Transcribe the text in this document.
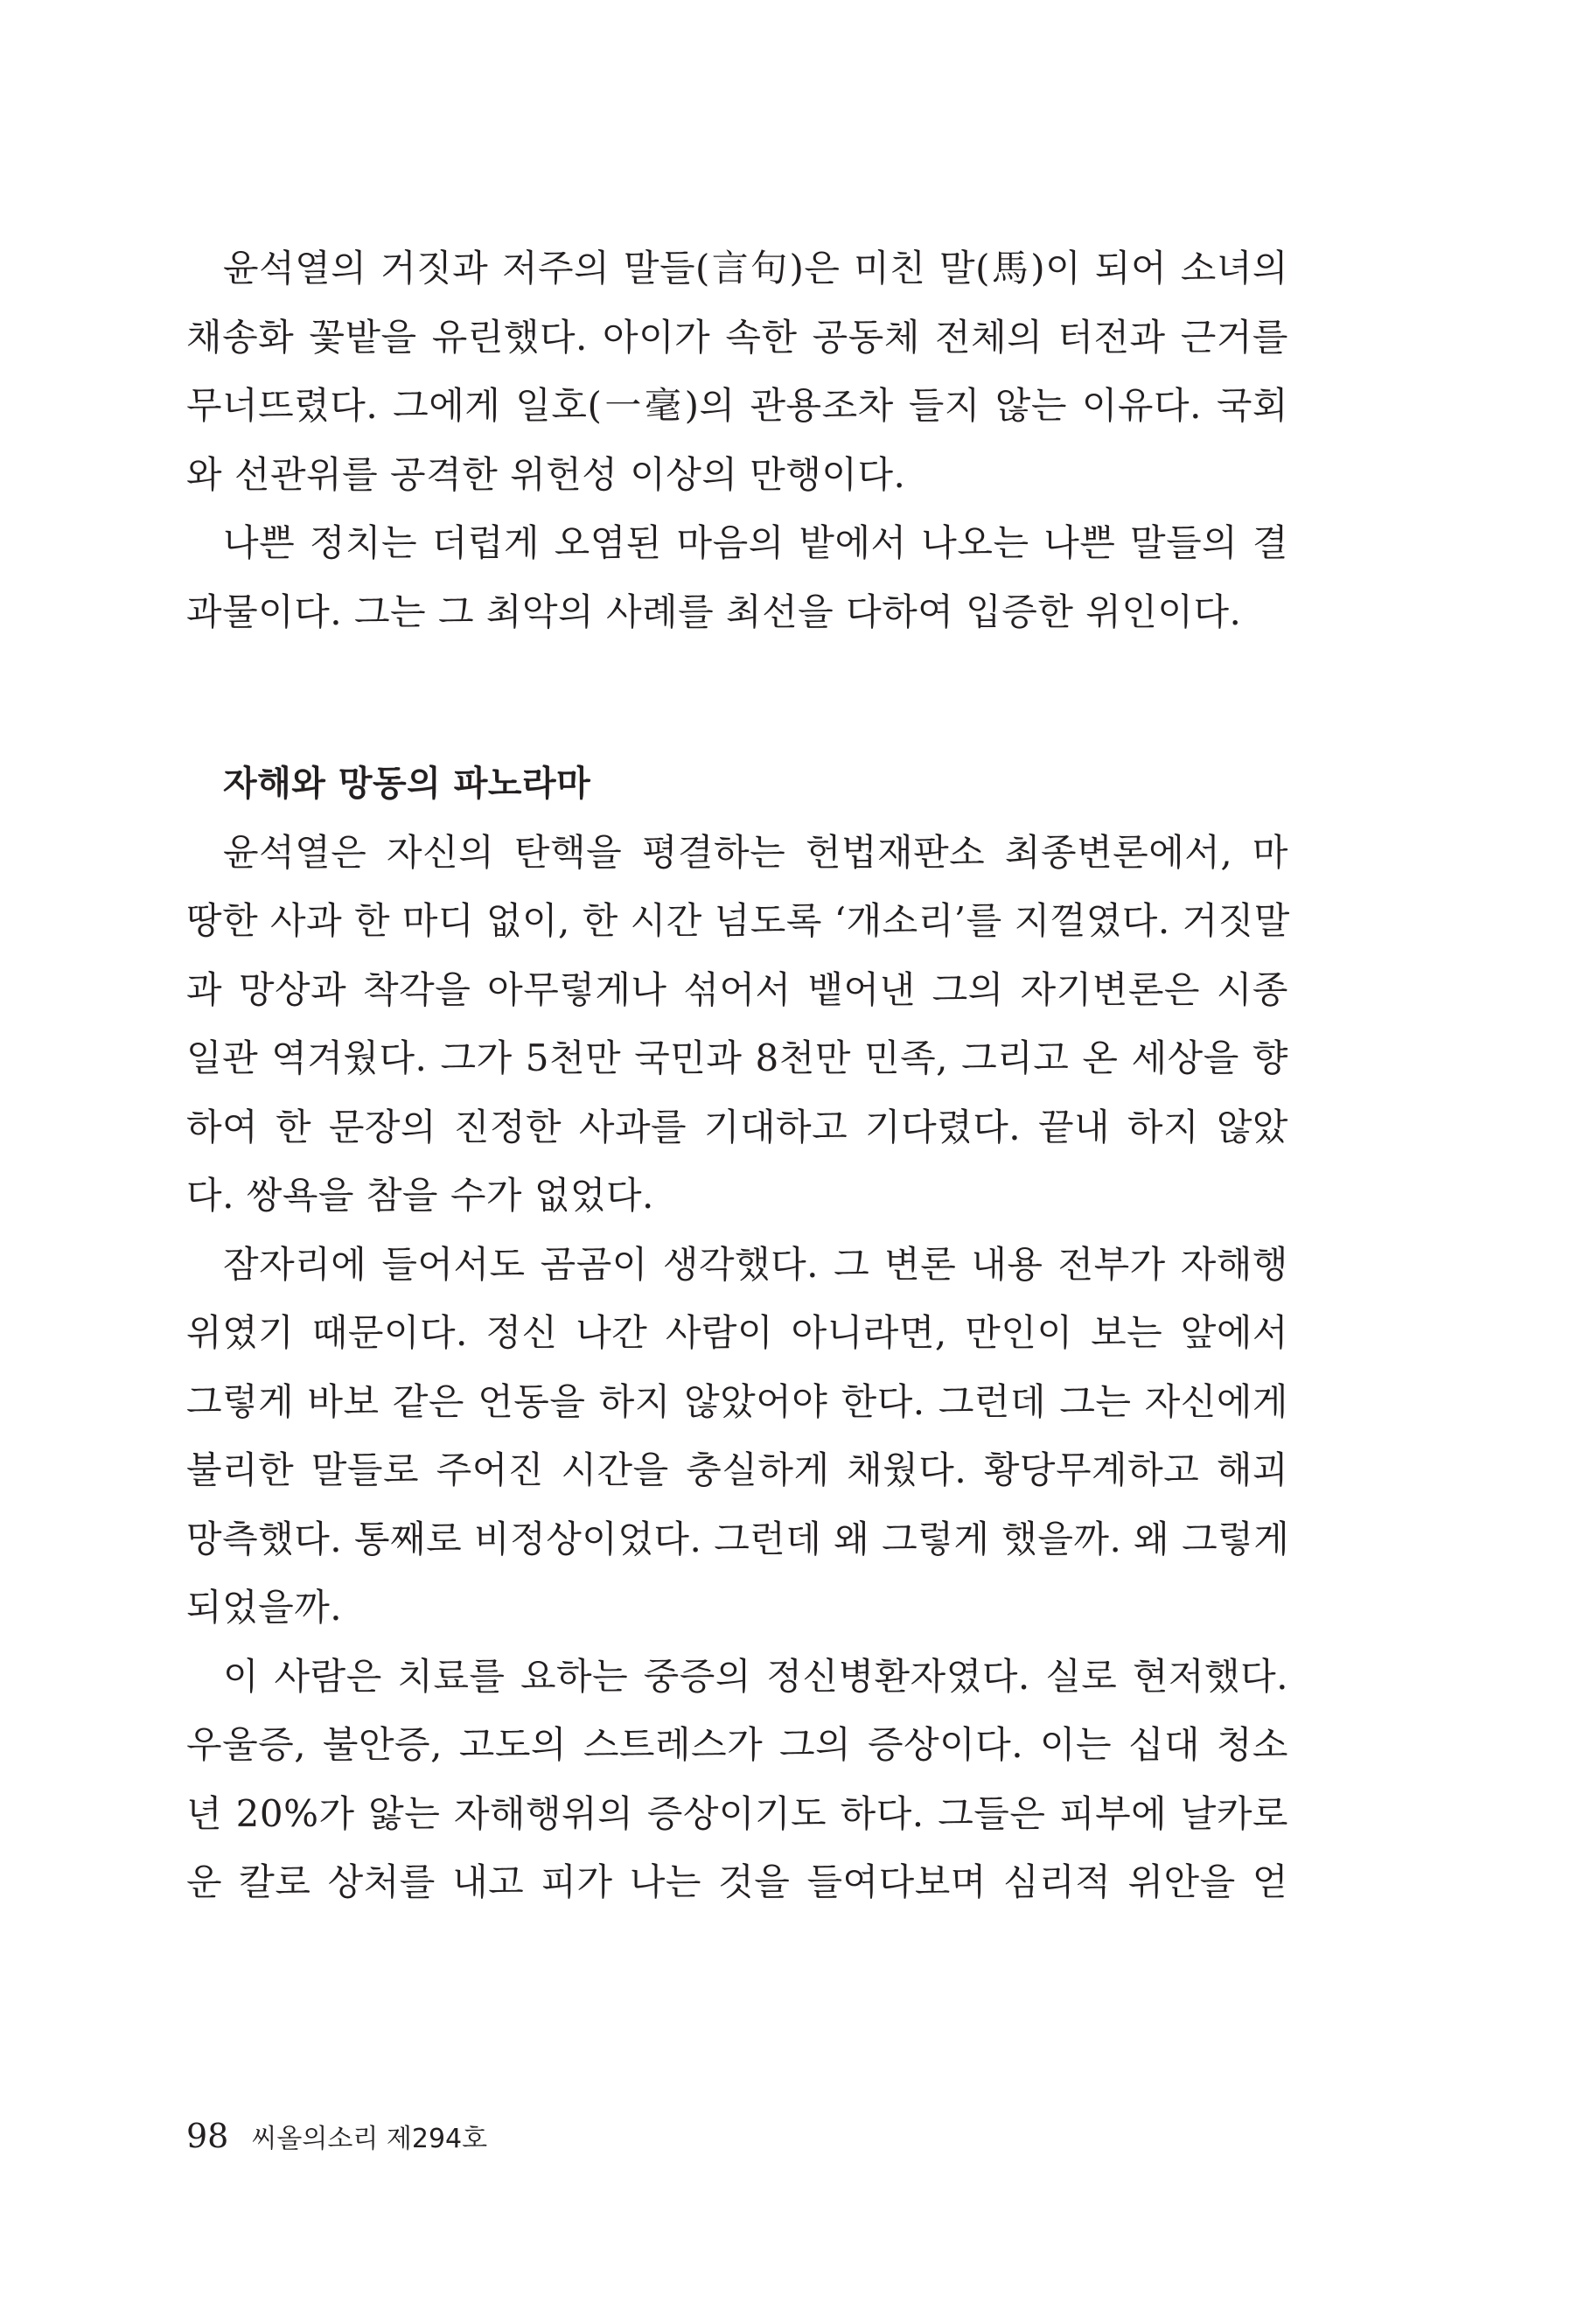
윤석열의 거짓과 저주의 말들(言句)은 미친 말(馬)이 되어 소녀의
채송화 꽃밭을 유린했다. 아이가 속한 공동체 전체의 터전과 근거를
무너뜨렸다. 그에게 일호(一毫)의 관용조차 들지 않는 이유다. 국회
와 선관위를 공격한 위헌성 이상의 만행이다.
나쁜 정치는 더럽게 오염된 마음의 밭에서 나오는 나쁜 말들의 결
과물이다. 그는 그 최악의 사례를 최선을 다하여 입증한 위인이다.
자해와 망동의 파노라마
윤석열은 자신의 탄핵을 평결하는 헌법재판소 최종변론에서, 마
땅한 사과 한 마디 없이, 한 시간 넘도록 ‘개소리’를 지껄였다. 거짓말
과 망상과 착각을 아무렇게나 섞어서 뱉어낸 그의 자기변론은 시종
일관 역겨웠다. 그가 5천만 국민과 8천만 민족, 그리고 온 세상을 향
하여 한 문장의 진정한 사과를 기대하고 기다렸다. 끝내 하지 않았
다. 쌍욕을 참을 수가 없었다.
잠자리에 들어서도 곰곰이 생각했다. 그 변론 내용 전부가 자해행
위였기 때문이다. 정신 나간 사람이 아니라면, 만인이 보는 앞에서
그렇게 바보 같은 언동을 하지 않았어야 한다. 그런데 그는 자신에게
불리한 말들로 주어진 시간을 충실하게 채웠다. 황당무계하고 해괴
망측했다. 통째로 비정상이었다. 그런데 왜 그렇게 했을까. 왜 그렇게
되었을까.
이 사람은 치료를 요하는 중증의 정신병환자였다. 실로 현저했다.
우울증, 불안증, 고도의 스트레스가 그의 증상이다. 이는 십대 청소
년 20%가 앓는 자해행위의 증상이기도 하다. 그들은 피부에 날카로
운 칼로 상처를 내고 피가 나는 것을 들여다보며 심리적 위안을 얻
98 씨올의소리 제294호
